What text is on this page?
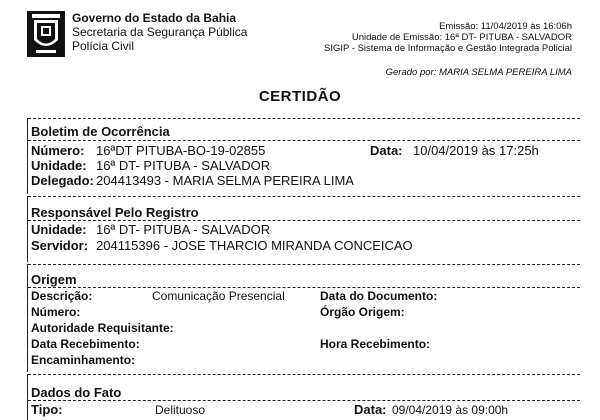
Governo do Estado da Bahia
Secretaria da Segurança Pública
Polícia Civil
Emissão: 11/04/2019 às 16:06h
Unidade de Emissão: 16ª DT- PITUBA - SALVADOR
SIGIP - Sistema de Informação e Gestão Integrada Policial
Gerado por: MARIA SELMA PEREIRA LIMA
CERTIDÃO
Boletim de Ocorrência
Número: 16ªDT PITUBA-BO-19-02855	Data: 10/04/2019 às 17:25h
Unidade: 16ª DT- PITUBA - SALVADOR
Delegado: 204413493 - MARIA SELMA PEREIRA LIMA
Responsável Pelo Registro
Unidade: 16ª DT- PITUBA - SALVADOR
Servidor: 204115396 - JOSE THARCIO MIRANDA CONCEICAO
Origem
Descrição:	Comunicação Presencial	Data do Documento:
Número:	Órgão Origem:
Autoridade Requisitante:
Data Recebimento:	Hora Recebimento:
Encaminhamento:
Dados do Fato
Tipo:	Delituoso	Data: 09/04/2019 às 09:00h
